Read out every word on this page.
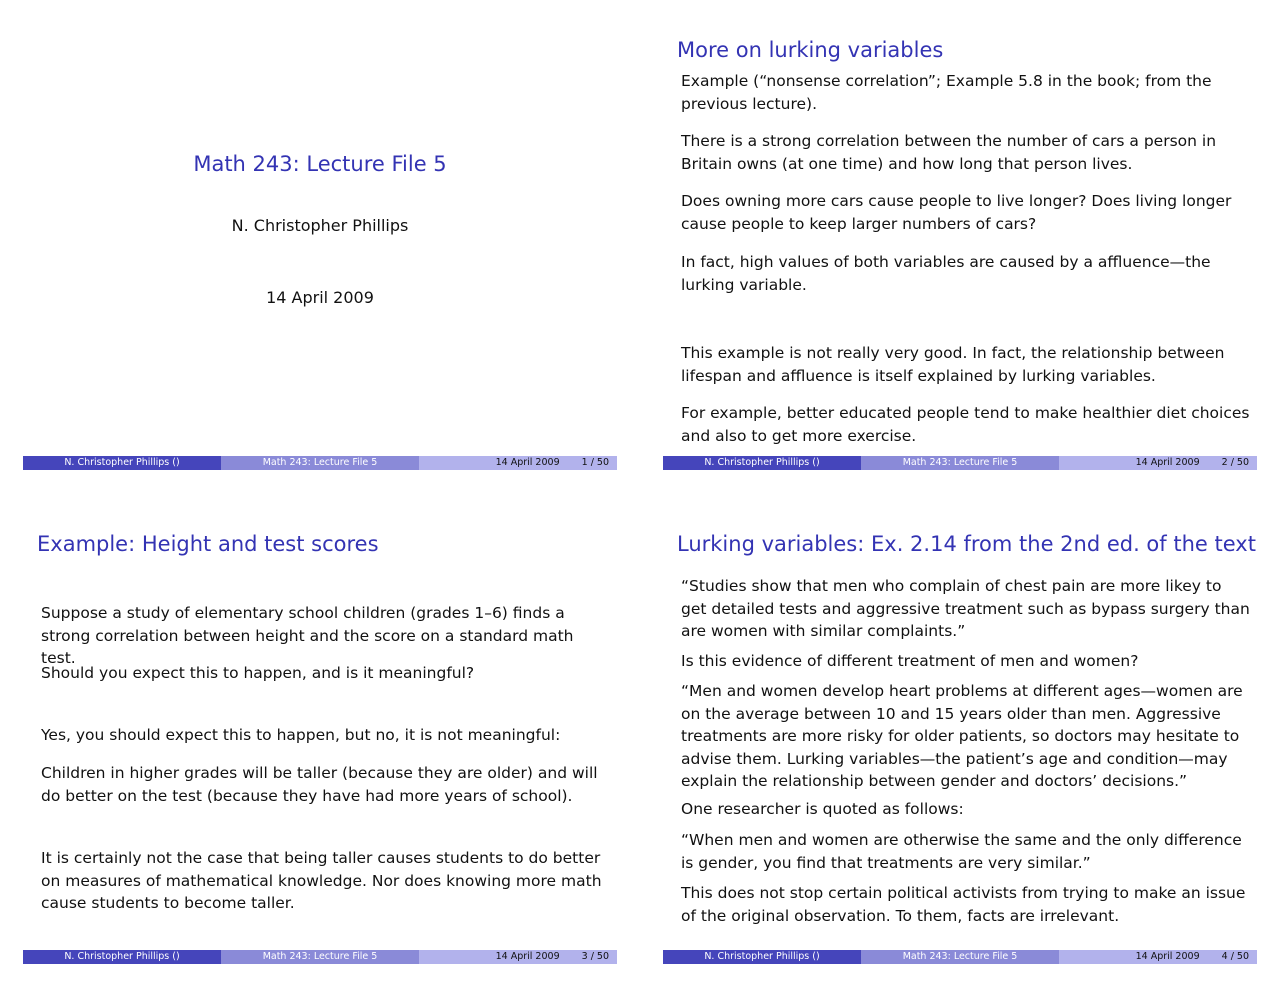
Math 243: Lecture File 5
N. Christopher Phillips
14 April 2009
N. Christopher Phillips ()	Math 243: Lecture File 5	14 April 2009 1 / 50
More on lurking variables

Example (“nonsense correlation”; Example 5.8 in the book; from the previous lecture).

There is a strong correlation between the number of cars a person in Britain owns (at one time) and how long that person lives.

Does owning more cars cause people to live longer? Does living longer cause people to keep larger numbers of cars?

In fact, high values of both variables are caused by a affluence—the lurking variable.

This example is not really very good. In fact, the relationship between lifespan and affluence is itself explained by lurking variables.

For example, better educated people tend to make healthier diet choices and also to get more exercise.

N. Christopher Phillips ()	Math 243: Lecture File 5	14 April 2009 2 / 50
Example: Height and test scores

Suppose a study of elementary school children (grades 1–6) finds a strong correlation between height and the score on a standard math test.

Should you expect this to happen, and is it meaningful?

Yes, you should expect this to happen, but no, it is not meaningful:

Children in higher grades will be taller (because they are older) and will do better on the test (because they have had more years of school).

It is certainly not the case that being taller causes students to do better on measures of mathematical knowledge. Nor does knowing more math cause students to become taller.

N. Christopher Phillips ()	Math 243: Lecture File 5	14 April 2009 3 / 50
Lurking variables: Ex. 2.14 from the 2nd ed. of the text

“Studies show that men who complain of chest pain are more likey to get detailed tests and aggressive treatment such as bypass surgery than are women with similar complaints.”

Is this evidence of different treatment of men and women?

“Men and women develop heart problems at different ages—women are on the average between 10 and 15 years older than men. Aggressive treatments are more risky for older patients, so doctors may hesitate to advise them. Lurking variables—the patient’s age and condition—may explain the relationship between gender and doctors’ decisions.”

One researcher is quoted as follows:

“When men and women are otherwise the same and the only difference is gender, you find that treatments are very similar.”

This does not stop certain political activists from trying to make an issue of the original observation. To them, facts are irrelevant.

N. Christopher Phillips ()	Math 243: Lecture File 5	14 April 2009 4 / 50
